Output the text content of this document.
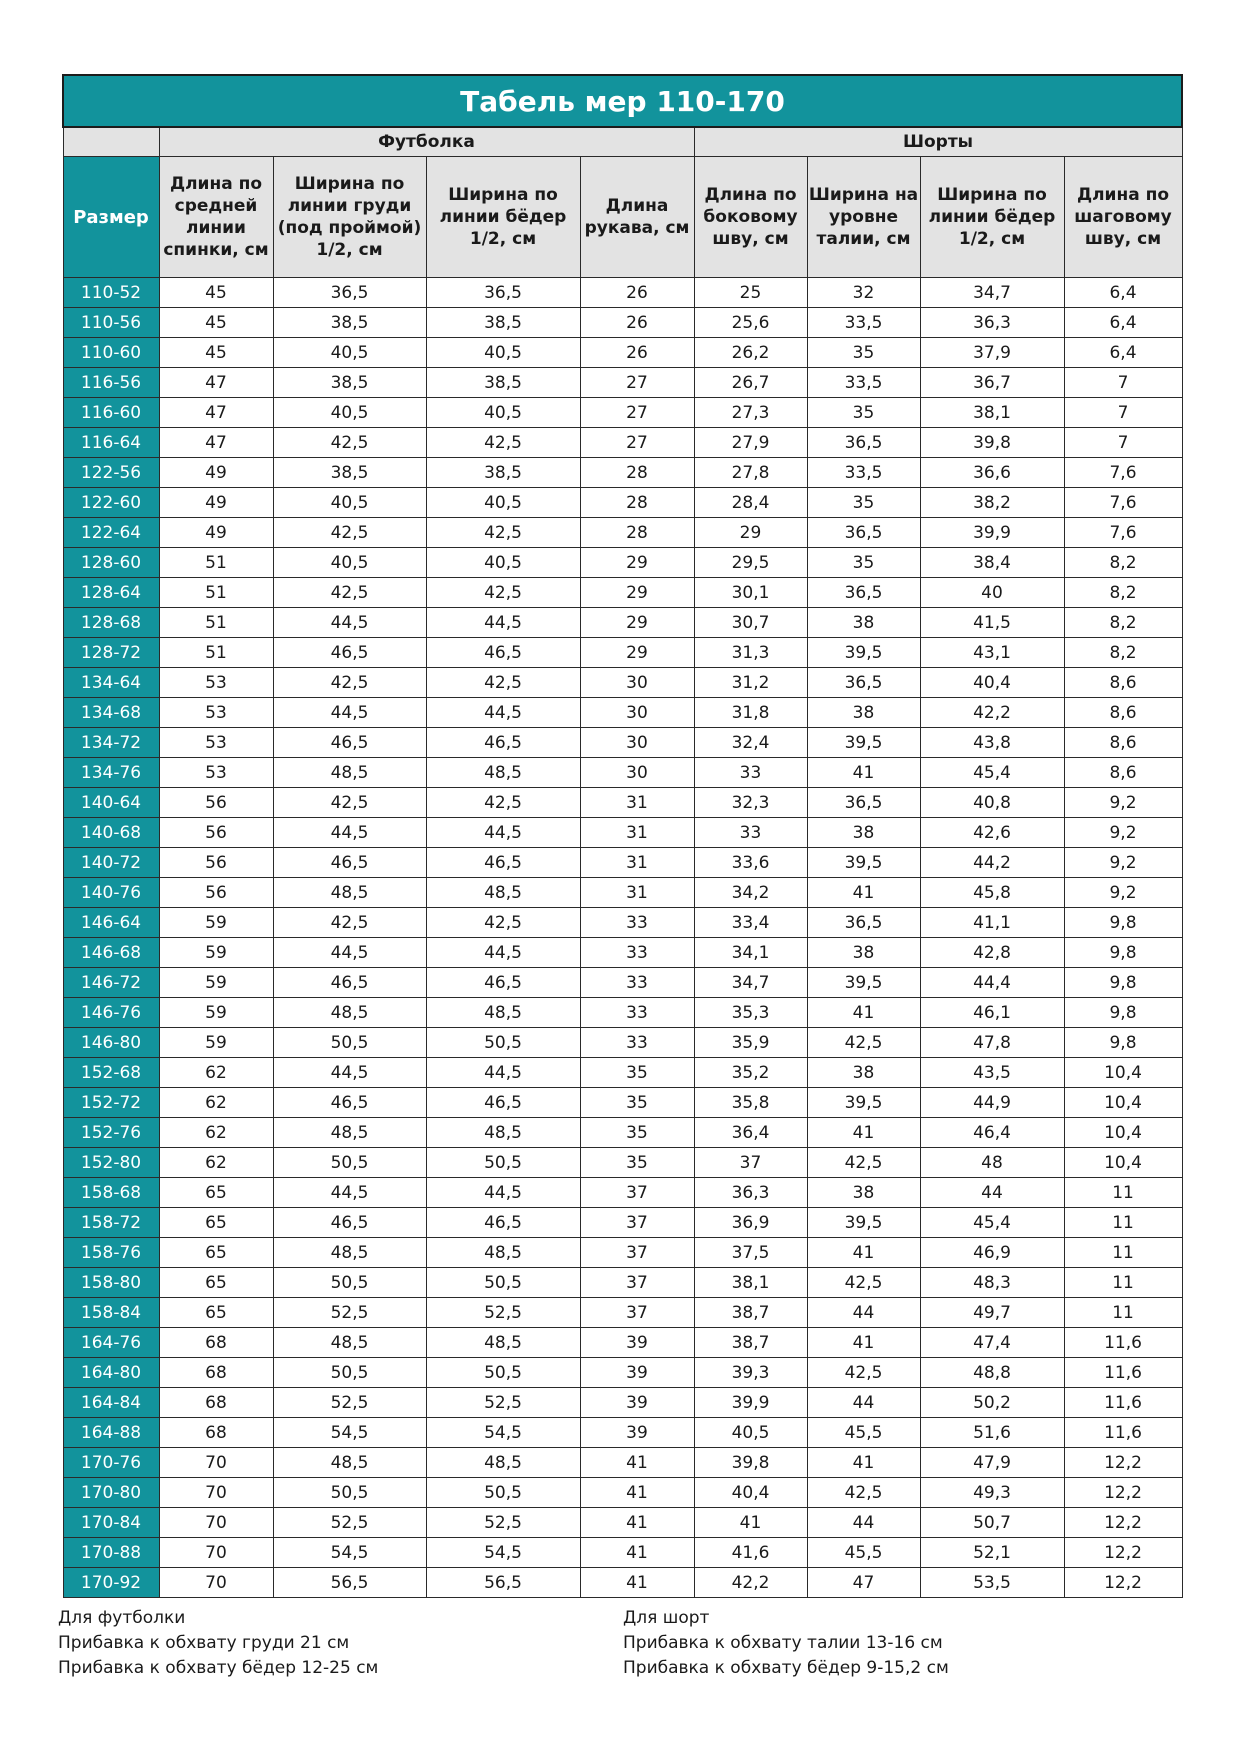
Табель мер 110-170								
	Футболка				Шорты			
Размер	Длина по средней линии спинки, см	Ширина по линии груди (под проймой) 1/2, см	Ширина по линии бёдер 1/2, см	Длина рукава, см	Длина по боковому шву, см	Ширина на уровне талии, см	Ширина по линии бёдер 1/2, см	Длина по шаговому шву, см
110-52	45	36,5	36,5	26	25	32	34,7	6,4
110-56	45	38,5	38,5	26	25,6	33,5	36,3	6,4
110-60	45	40,5	40,5	26	26,2	35	37,9	6,4
116-56	47	38,5	38,5	27	26,7	33,5	36,7	7
116-60	47	40,5	40,5	27	27,3	35	38,1	7
116-64	47	42,5	42,5	27	27,9	36,5	39,8	7
122-56	49	38,5	38,5	28	27,8	33,5	36,6	7,6
122-60	49	40,5	40,5	28	28,4	35	38,2	7,6
122-64	49	42,5	42,5	28	29	36,5	39,9	7,6
128-60	51	40,5	40,5	29	29,5	35	38,4	8,2
128-64	51	42,5	42,5	29	30,1	36,5	40	8,2
128-68	51	44,5	44,5	29	30,7	38	41,5	8,2
128-72	51	46,5	46,5	29	31,3	39,5	43,1	8,2
134-64	53	42,5	42,5	30	31,2	36,5	40,4	8,6
134-68	53	44,5	44,5	30	31,8	38	42,2	8,6
134-72	53	46,5	46,5	30	32,4	39,5	43,8	8,6
134-76	53	48,5	48,5	30	33	41	45,4	8,6
140-64	56	42,5	42,5	31	32,3	36,5	40,8	9,2
140-68	56	44,5	44,5	31	33	38	42,6	9,2
140-72	56	46,5	46,5	31	33,6	39,5	44,2	9,2
140-76	56	48,5	48,5	31	34,2	41	45,8	9,2
146-64	59	42,5	42,5	33	33,4	36,5	41,1	9,8
146-68	59	44,5	44,5	33	34,1	38	42,8	9,8
146-72	59	46,5	46,5	33	34,7	39,5	44,4	9,8
146-76	59	48,5	48,5	33	35,3	41	46,1	9,8
146-80	59	50,5	50,5	33	35,9	42,5	47,8	9,8
152-68	62	44,5	44,5	35	35,2	38	43,5	10,4
152-72	62	46,5	46,5	35	35,8	39,5	44,9	10,4
152-76	62	48,5	48,5	35	36,4	41	46,4	10,4
152-80	62	50,5	50,5	35	37	42,5	48	10,4
158-68	65	44,5	44,5	37	36,3	38	44	11
158-72	65	46,5	46,5	37	36,9	39,5	45,4	11
158-76	65	48,5	48,5	37	37,5	41	46,9	11
158-80	65	50,5	50,5	37	38,1	42,5	48,3	11
158-84	65	52,5	52,5	37	38,7	44	49,7	11
164-76	68	48,5	48,5	39	38,7	41	47,4	11,6
164-80	68	50,5	50,5	39	39,3	42,5	48,8	11,6
164-84	68	52,5	52,5	39	39,9	44	50,2	11,6
164-88	68	54,5	54,5	39	40,5	45,5	51,6	11,6
170-76	70	48,5	48,5	41	39,8	41	47,9	12,2
170-80	70	50,5	50,5	41	40,4	42,5	49,3	12,2
170-84	70	52,5	52,5	41	41	44	50,7	12,2
170-88	70	54,5	54,5	41	41,6	45,5	52,1	12,2
170-92	70	56,5	56,5	41	42,2	47	53,5	12,2
Для футболки
Прибавка к обхвату груди 21 см
Прибавка к обхвату бёдер 12-25 см
Для шорт
Прибавка к обхвату талии 13-16 см
Прибавка к обхвату бёдер 9-15,2 см
